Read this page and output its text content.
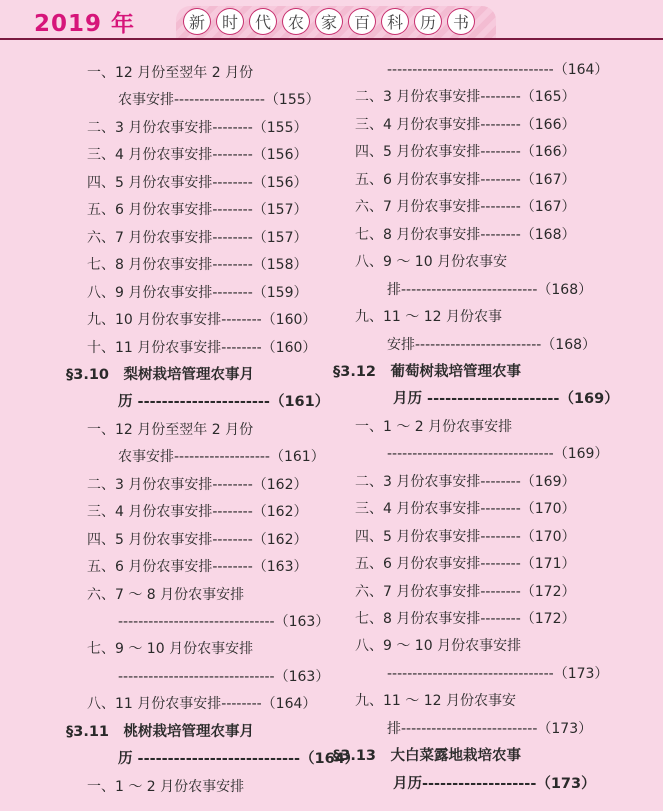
2019 年	新	时	代	农	家	百	科	历	书
一、12 月份至翌年 2 月份
农事安排------------------（155）
二、3 月份农事安排--------（155）
三、4 月份农事安排--------（156）
四、5 月份农事安排--------（156）
五、6 月份农事安排--------（157）
六、7 月份农事安排--------（157）
七、8 月份农事安排--------（158）
八、9 月份农事安排--------（159）
九、10 月份农事安排--------（160）
十、11 月份农事安排--------（160）
§3.10　梨树栽培管理农事月
历 ----------------------（161）
一、12 月份至翌年 2 月份
农事安排-------------------（161）
二、3 月份农事安排--------（162）
三、4 月份农事安排--------（162）
四、5 月份农事安排--------（162）
五、6 月份农事安排--------（163）
六、7 ～ 8 月份农事安排
-------------------------------（163）
七、9 ～ 10 月份农事安排
-------------------------------（163）
八、11 月份农事安排--------（164）
§3.11　桃树栽培管理农事月
历 ---------------------------（164）
一、1 ～ 2 月份农事安排
---------------------------------（164）
二、3 月份农事安排--------（165）
三、4 月份农事安排--------（166）
四、5 月份农事安排--------（166）
五、6 月份农事安排--------（167）
六、7 月份农事安排--------（167）
七、8 月份农事安排--------（168）
八、9 ～ 10 月份农事安
排---------------------------（168）
九、11 ～ 12 月份农事
安排-------------------------（168）
§3.12　葡萄树栽培管理农事
月历 ----------------------（169）
一、1 ～ 2 月份农事安排
---------------------------------（169）
二、3 月份农事安排--------（169）
三、4 月份农事安排--------（170）
四、5 月份农事安排--------（170）
五、6 月份农事安排--------（171）
六、7 月份农事安排--------（172）
七、8 月份农事安排--------（172）
八、9 ～ 10 月份农事安排
---------------------------------（173）
九、11 ～ 12 月份农事安
排---------------------------（173）
§3.13　大白菜露地栽培农事
月历-------------------（173）
